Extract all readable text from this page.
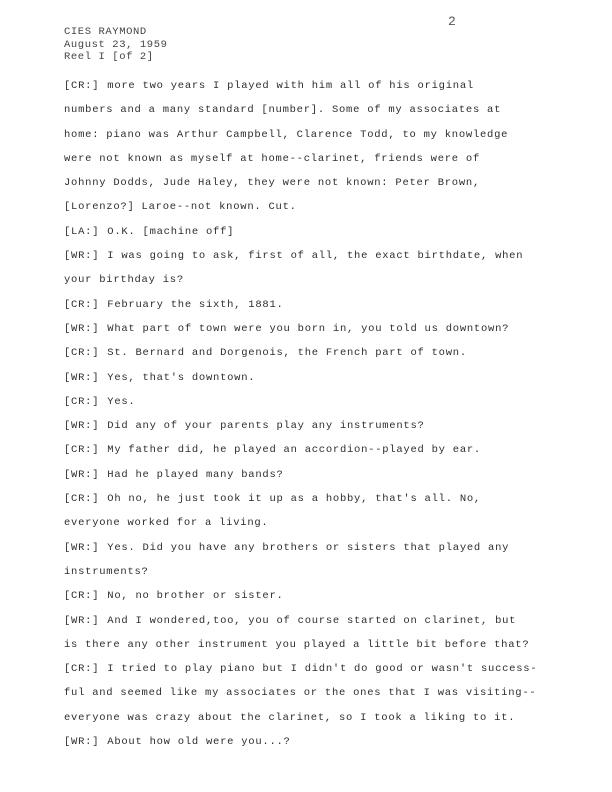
2
CIES RAYMOND
August 23, 1959
Reel I [of 2]
[CR:] more two years I played with him all of his original
numbers and a many standard [number]. Some of my associates at
home: piano was Arthur Campbell, Clarence Todd, to my knowledge
were not known as myself at home--clarinet, friends were of
Johnny Dodds, Jude Haley, they were not known: Peter Brown,
[Lorenzo?] Laroe--not known. Cut.
[LA:] O.K. [machine off]
[WR:] I was going to ask, first of all, the exact birthdate, when
your birthday is?
[CR:] February the sixth, 1881.
[WR:] What part of town were you born in, you told us downtown?
[CR:] St. Bernard and Dorgenois, the French part of town.
[WR:] Yes, that's downtown.
[CR:] Yes.
[WR:] Did any of your parents play any instruments?
[CR:] My father did, he played an accordion--played by ear.
[WR:] Had he played many bands?
[CR:] Oh no, he just took it up as a hobby, that's all. No,
everyone worked for a living.
[WR:] Yes. Did you have any brothers or sisters that played any
instruments?
[CR:] No, no brother or sister.
[WR:] And I wondered,too, you of course started on clarinet, but
is there any other instrument you played a little bit before that?
[CR:] I tried to play piano but I didn't do good or wasn't success-
ful and seemed like my associates or the ones that I was visiting--
everyone was crazy about the clarinet, so I took a liking to it.
[WR:] About how old were you...?
